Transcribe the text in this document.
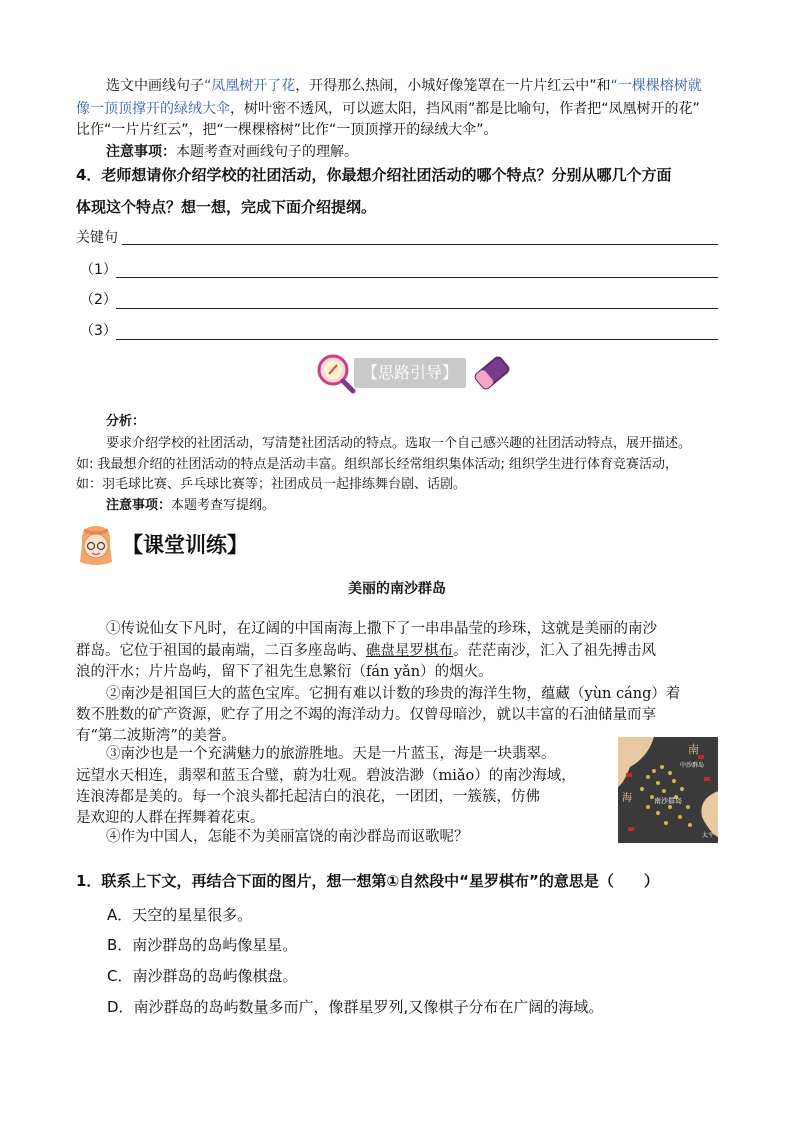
选文中画线句子“凤凰树开了花，开得那么热闹，小城好像笼罩在一片片红云中”和“一棵棵榕树就
像一顶顶撑开的绿绒大伞，树叶密不透风，可以遮太阳，挡风雨”都是比喻句，作者把“凤凰树开的花”
比作“一片片红云”，把“一棵棵榕树”比作“一顶顶撑开的绿绒大伞”。
注意事项：本题考查对画线句子的理解。
4．老师想请你介绍学校的社团活动，你最想介绍社团活动的哪个特点？分别从哪几个方面
体现这个特点？想一想，完成下面介绍提纲。
关键句
（1）
（2）
（3）
【思路引导】
分析：
要求介绍学校的社团活动，写清楚社团活动的特点。选取一个自己感兴趣的社团活动特点，展开描述。
如: 我最想介绍的社团活动的特点是活动丰富。组织部长经常组织集体活动; 组织学生进行体育竞赛活动，
如：羽毛球比赛、乒乓球比赛等；社团成员一起排练舞台剧、话剧。
注意事项：本题考查写提纲。
【课堂训练】
美丽的南沙群岛
①传说仙女下凡时，在辽阔的中国南海上撒下了一串串晶莹的珍珠，这就是美丽的南沙
群岛。它位于祖国的最南端，二百多座岛屿、礁盘星罗棋布。茫茫南沙，汇入了祖先搏击风
浪的汗水；片片岛屿，留下了祖先生息繁衍（fán yǎn）的烟火。
②南沙是祖国巨大的蓝色宝库。它拥有难以计数的珍贵的海洋生物，蕴藏（yùn cáng）着
数不胜数的矿产资源，贮存了用之不竭的海洋动力。仅曾母暗沙，就以丰富的石油储量而享
有“第二波斯湾”的美誉。
③南沙也是一个充满魅力的旅游胜地。天是一片蓝玉，海是一块翡翠。
远望水天相连，翡翠和蓝玉合璧，蔚为壮观。碧波浩渺（miǎo）的南沙海域，
连浪涛都是美的。每一个浪头都托起洁白的浪花，一团团，一簇簇，仿佛
是欢迎的人群在挥舞着花束。
④作为中国人，怎能不为美丽富饶的南沙群岛而讴歌呢？
南
中沙群岛
南沙群岛
海
太平
1．联系上下文，再结合下面的图片，想一想第①自然段中“星罗棋布”的意思是（　　）
A．天空的星星很多。
B．南沙群岛的岛屿像星星。
C．南沙群岛的岛屿像棋盘。
D．南沙群岛的岛屿数量多而广，像群星罗列,又像棋子分布在广阔的海域。
